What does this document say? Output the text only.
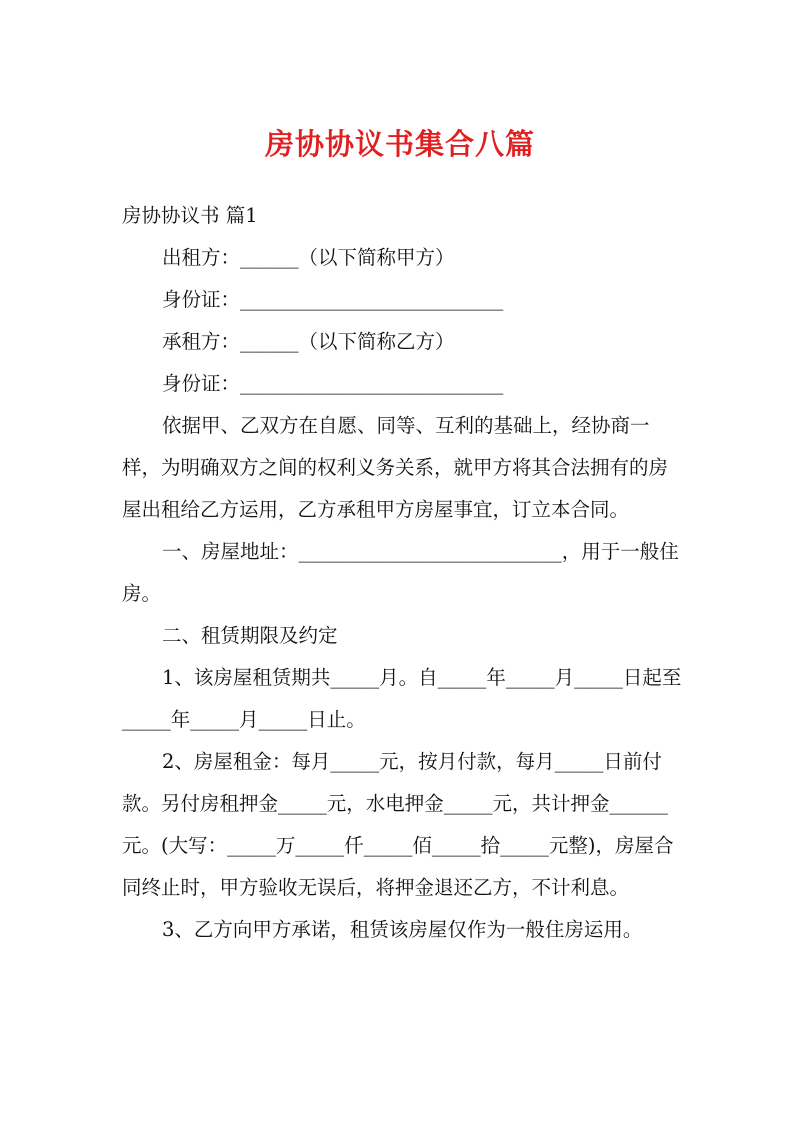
房协协议书集合八篇

房协协议书 篇1

出租方：______（以下简称甲方）

身份证：___________________________

承租方：______（以下简称乙方）

身份证：___________________________

依据甲、乙双方在自愿、同等、互利的基础上，经协商一样，为明确双方之间的权利义务关系，就甲方将其合法拥有的房屋出租给乙方运用，乙方承租甲方房屋事宜，订立本合同。

一、房屋地址：___________________________，用于一般住房。

二、租赁期限及约定

1、该房屋租赁期共_____月。自_____年_____月_____日起至_____年_____月_____日止。

2、房屋租金：每月_____元，按月付款，每月_____日前付款。另付房租押金_____元，水电押金_____元，共计押金______元。(大写：_____万_____仟_____佰_____拾_____元整)，房屋合同终止时，甲方验收无误后，将押金退还乙方，不计利息。

3、乙方向甲方承诺，租赁该房屋仅作为一般住房运用。
